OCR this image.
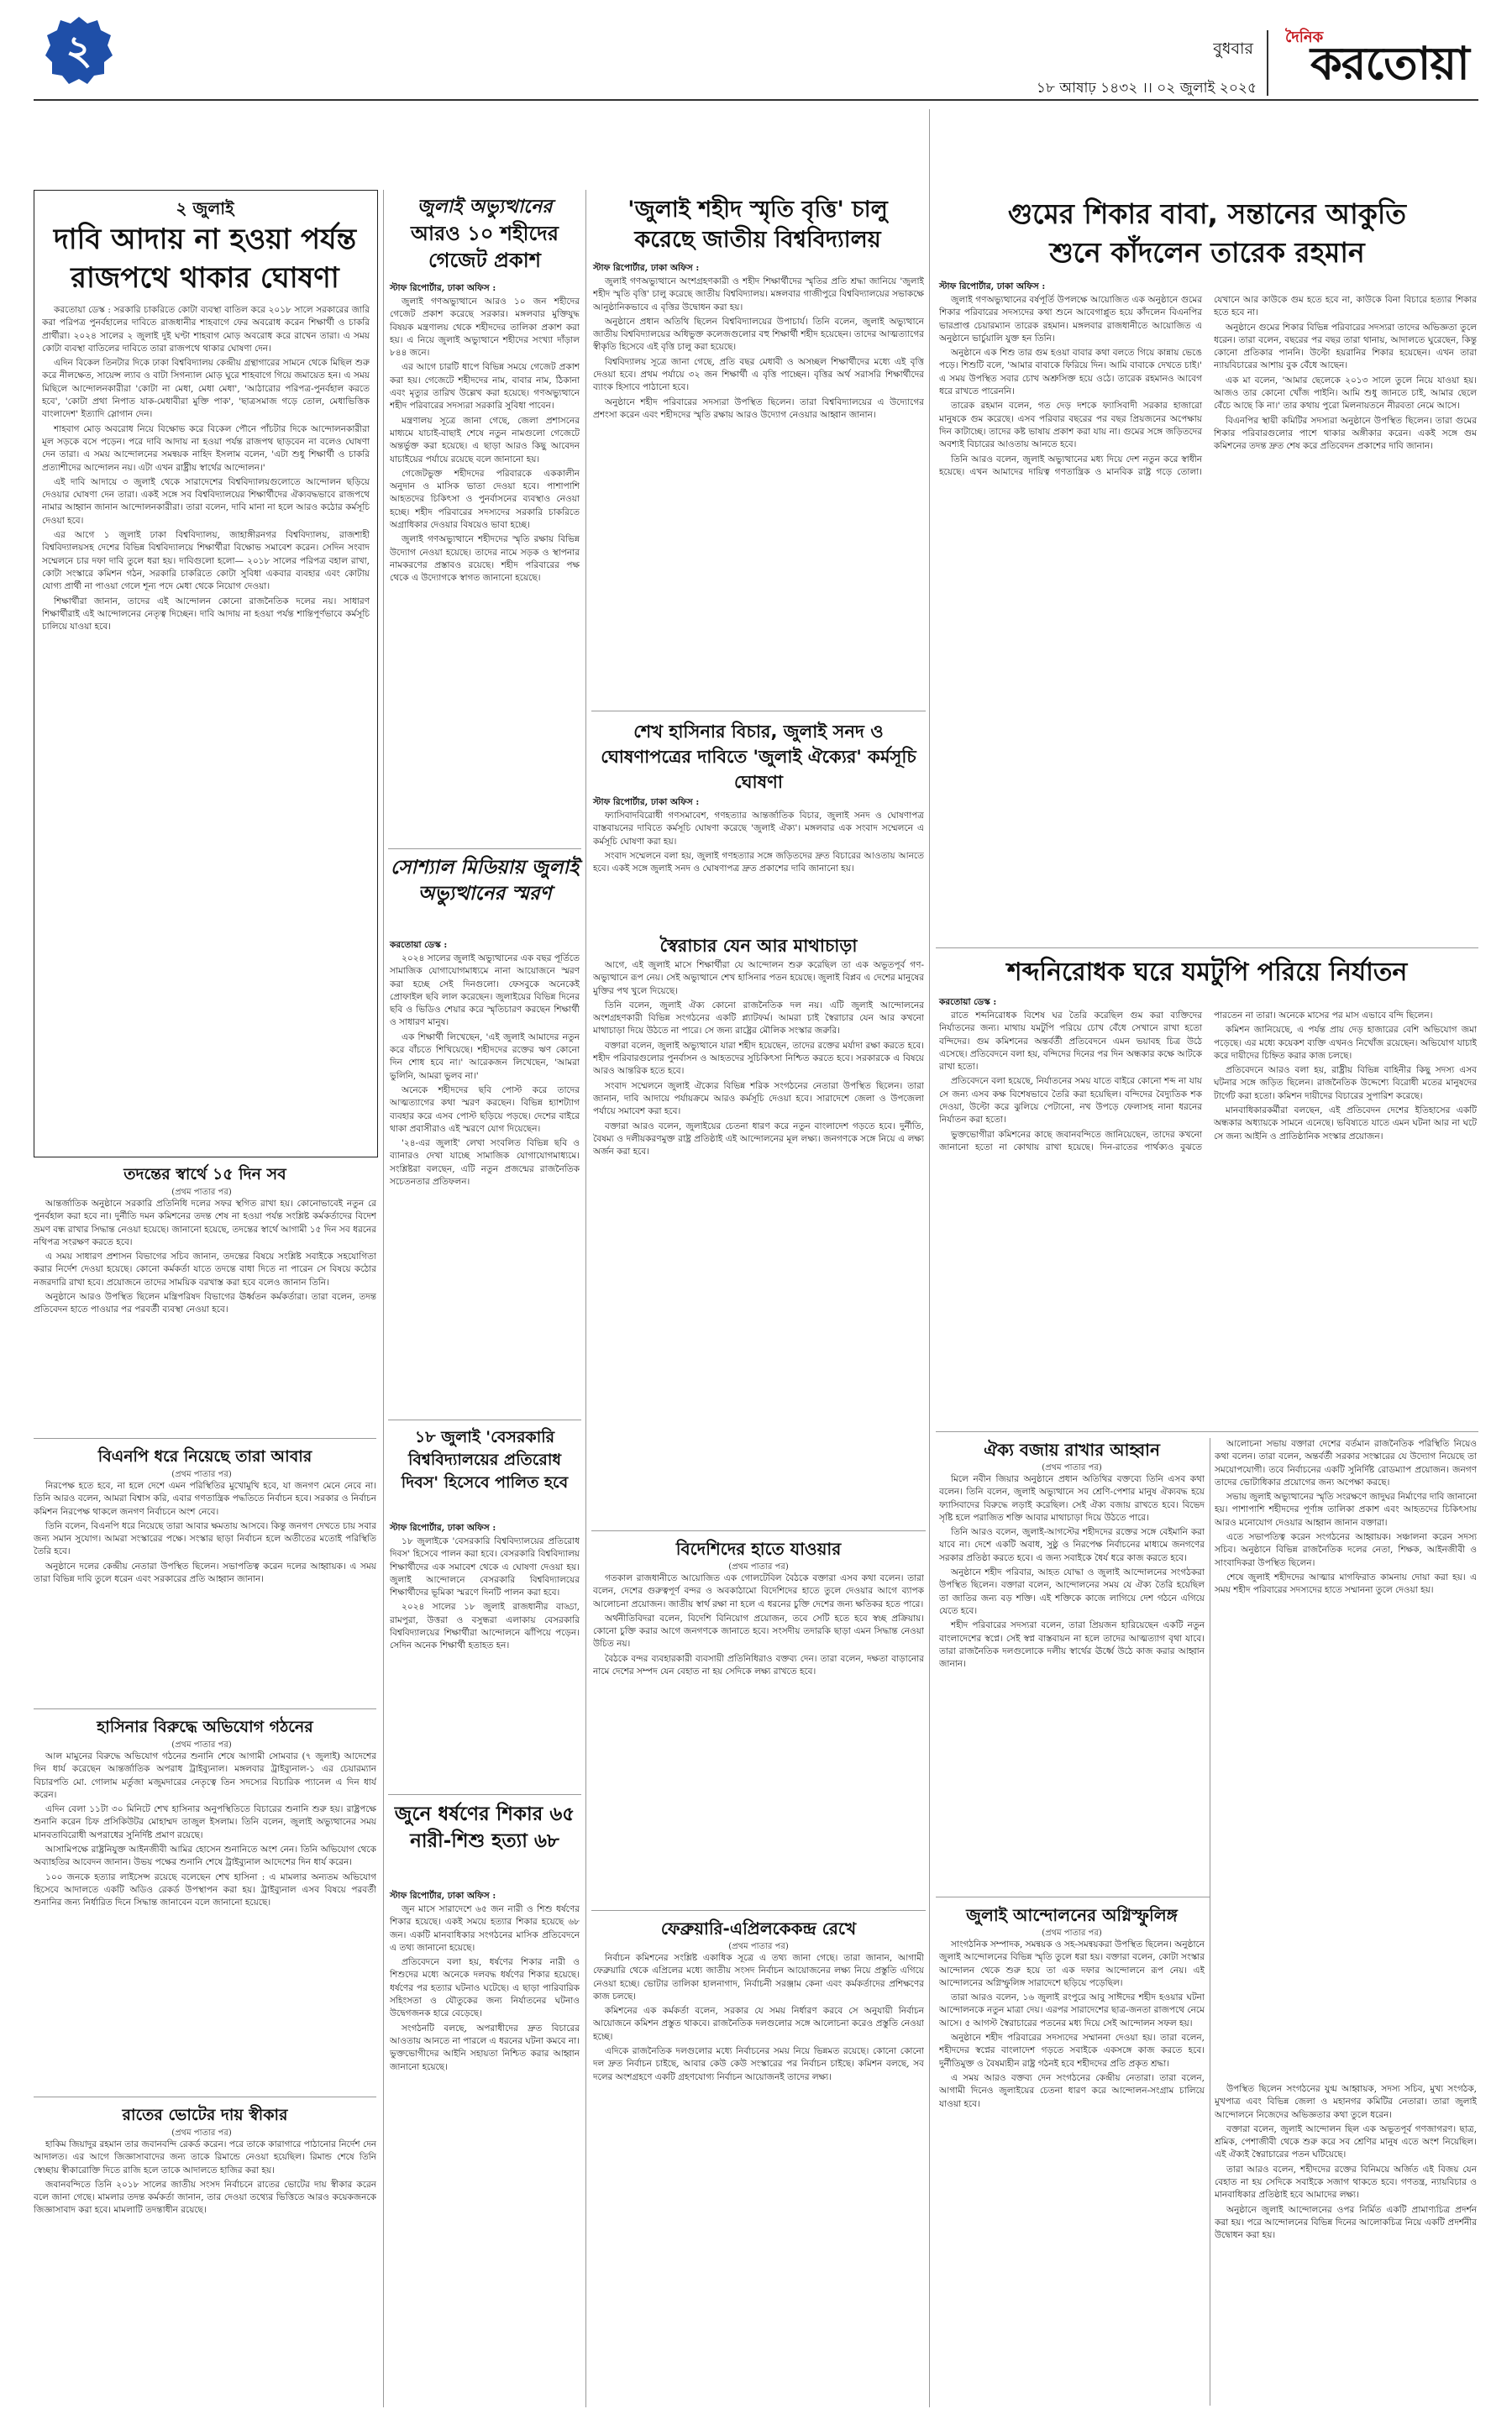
২	বুধবার
১৮ আষাঢ় ১৪৩২ ।। ০২ জুলাই ২০২৫
দৈনিক
করতোয়া
২ জুলাই
দাবি আদায় না হওয়া পর্যন্ত
রাজপথে থাকার ঘোষণা

করতোয়া ডেস্ক : সরকারি চাকরিতে কোটা ব্যবস্থা বাতিল করে ২০১৮ সালে সরকারের জারি করা পরিপত্র পুনর্বহালের দাবিতে রাজধানীর শাহবাগে ফের অবরোধ করেন শিক্ষার্থী ও চাকরি প্রার্থীরা। ২০২৪ সালের ২ জুলাই দুই ঘণ্টা শাহবাগ মোড় অবরোধ করে রাখেন তারা। এ সময় কোটা ব্যবস্থা বাতিলের দাবিতে তারা রাজপথে থাকার ঘোষণা দেন।

এদিন বিকেল তিনটার দিকে ঢাকা বিশ্ববিদ্যালয় কেন্দ্রীয় গ্রন্থাগারের সামনে থেকে মিছিল শুরু করে নীলক্ষেত, সায়েন্স ল্যাব ও বাটা সিগন্যাল মোড় ঘুরে শাহবাগে গিয়ে জমায়েত হন। এ সময় মিছিলে আন্দোলনকারীরা 'কোটা না মেধা, মেধা মেধা', 'আঠারোর পরিপত্র-পুনর্বহাল করতে হবে', 'কোটা প্রথা নিপাত যাক-মেধাবীরা মুক্তি পাক', 'ছাত্রসমাজ গড়ে তোল, মেধাভিত্তিক বাংলাদেশ' ইত্যাদি স্লোগান দেন।

শাহবাগ মোড় অবরোধ নিয়ে বিক্ষোভ করে বিকেল পৌনে পাঁচটার দিকে আন্দোলনকারীরা মূল সড়কে বসে পড়েন। পরে দাবি আদায় না হওয়া পর্যন্ত রাজপথ ছাড়বেন না বলেও ঘোষণা দেন তারা। এ সময় আন্দোলনের সমন্বয়ক নাহিদ ইসলাম বলেন, 'এটা শুধু শিক্ষার্থী ও চাকরি প্রত্যাশীদের আন্দোলন নয়। এটা এখন রাষ্ট্রীয় স্বার্থের আন্দোলন।'

এই দাবি আদায়ে ৩ জুলাই থেকে সারাদেশের বিশ্ববিদ্যালয়গুলোতে আন্দোলন ছড়িয়ে দেওয়ার ঘোষণা দেন তারা। একই সঙ্গে সব বিশ্ববিদ্যালয়ের শিক্ষার্থীদের ঐক্যবদ্ধভাবে রাজপথে নামার আহ্বান জানান আন্দোলনকারীরা। তারা বলেন, দাবি মানা না হলে আরও কঠোর কর্মসূচি দেওয়া হবে।

এর আগে ১ জুলাই ঢাকা বিশ্ববিদ্যালয়, জাহাঙ্গীরনগর বিশ্ববিদ্যালয়, রাজশাহী বিশ্ববিদ্যালয়সহ দেশের বিভিন্ন বিশ্ববিদ্যালয়ে শিক্ষার্থীরা বিক্ষোভ সমাবেশ করেন। সেদিন সংবাদ সম্মেলনে চার দফা দাবি তুলে ধরা হয়। দাবিগুলো হলো— ২০১৮ সালের পরিপত্র বহাল রাখা, কোটা সংস্কারে কমিশন গঠন, সরকারি চাকরিতে কোটা সুবিধা একবার ব্যবহার এবং কোটায় যোগ্য প্রার্থী না পাওয়া গেলে শূন্য পদে মেধা থেকে নিয়োগ দেওয়া।

শিক্ষার্থীরা জানান, তাদের এই আন্দোলন কোনো রাজনৈতিক দলের নয়। সাধারণ শিক্ষার্থীরাই এই আন্দোলনের নেতৃত্ব দিচ্ছেন। দাবি আদায় না হওয়া পর্যন্ত শান্তিপূর্ণভাবে কর্মসূচি চালিয়ে যাওয়া হবে।

তদন্তের স্বার্থে ১৫ দিন সব
(প্রথম পাতার পর)

আন্তর্জাতিক অনুষ্ঠানে সরকারি প্রতিনিধি দলের সফর স্থগিত রাখা হয়। কোনোভাবেই নতুন রে পুনর্বহাল করা হবে না। দুর্নীতি দমন কমিশনের তদন্ত শেষ না হওয়া পর্যন্ত সংশ্লিষ্ট কর্মকর্তাদের বিদেশ ভ্রমণ বন্ধ রাখার সিদ্ধান্ত নেওয়া হয়েছে। জানানো হয়েছে, তদন্তের স্বার্থে আগামী ১৫ দিন সব ধরনের নথিপত্র সংরক্ষণ করতে হবে।

এ সময় সাধারণ প্রশাসন বিভাগের সচিব জানান, তদন্তের বিষয়ে সংশ্লিষ্ট সবাইকে সহযোগিতা করার নির্দেশ দেওয়া হয়েছে। কোনো কর্মকর্তা যাতে তদন্তে বাধা দিতে না পারেন সে বিষয়ে কঠোর নজরদারি রাখা হবে। প্রয়োজনে তাদের সাময়িক বরখাস্ত করা হবে বলেও জানান তিনি।

অনুষ্ঠানে আরও উপস্থিত ছিলেন মন্ত্রিপরিষদ বিভাগের ঊর্ধ্বতন কর্মকর্তারা। তারা বলেন, তদন্ত প্রতিবেদন হাতে পাওয়ার পর পরবর্তী ব্যবস্থা নেওয়া হবে।

বিএনপি ধরে নিয়েছে তারা আবার
(প্রথম পাতার পর)

নিরপেক্ষ হতে হবে, না হলে দেশে এমন পরিস্থিতির মুখোমুখি হবে, যা জনগণ মেনে নেবে না। তিনি আরও বলেন, আমরা বিশ্বাস করি, এবার গণতান্ত্রিক পদ্ধতিতে নির্বাচন হবে। সরকার ও নির্বাচন কমিশন নিরপেক্ষ থাকলে জনগণ নির্বাচনে অংশ নেবে।

তিনি বলেন, বিএনপি ধরে নিয়েছে তারা আবার ক্ষমতায় আসবে। কিন্তু জনগণ দেখতে চায় সবার জন্য সমান সুযোগ। আমরা সংস্কারের পক্ষে। সংস্কার ছাড়া নির্বাচন হলে অতীতের মতোই পরিস্থিতি তৈরি হবে।

অনুষ্ঠানে দলের কেন্দ্রীয় নেতারা উপস্থিত ছিলেন। সভাপতিত্ব করেন দলের আহ্বায়ক। এ সময় তারা বিভিন্ন দাবি তুলে ধরেন এবং সরকারের প্রতি আহ্বান জানান।

হাসিনার বিরুদ্ধে অভিযোগ গঠনের
(প্রথম পাতার পর)

আল মামুনের বিরুদ্ধে অভিযোগ গঠনের শুনানি শেষে আগামী সোমবার (৭ জুলাই) আদেশের দিন ধার্য করেছেন আন্তর্জাতিক অপরাধ ট্রাইব্যুনাল। মঙ্গলবার ট্রাইব্যুনাল-১ এর চেয়ারম্যান বিচারপতি মো. গোলাম মর্তুজা মজুমদারের নেতৃত্বে তিন সদস্যের বিচারিক প্যানেল এ দিন ধার্য করেন।

এদিন বেলা ১১টা ৩০ মিনিটে শেখ হাসিনার অনুপস্থিতিতে বিচারের শুনানি শুরু হয়। রাষ্ট্রপক্ষে শুনানি করেন চিফ প্রসিকিউটর মোহাম্মদ তাজুল ইসলাম। তিনি বলেন, জুলাই অভ্যুত্থানের সময় মানবতাবিরোধী অপরাধের সুনির্দিষ্ট প্রমাণ রয়েছে।

আসামিপক্ষে রাষ্ট্রনিযুক্ত আইনজীবী আমির হোসেন শুনানিতে অংশ নেন। তিনি অভিযোগ থেকে অব্যাহতির আবেদন জানান। উভয় পক্ষের শুনানি শেষে ট্রাইব্যুনাল আদেশের দিন ধার্য করেন।

১০০ জনকে হত্যার লাইসেন্স রয়েছে বলেছেন শেখ হাসিনা : এ মামলার অন্যতম অভিযোগ হিসেবে আদালতে একটি অডিও রেকর্ড উপস্থাপন করা হয়। ট্রাইব্যুনাল এসব বিষয়ে পরবর্তী শুনানির জন্য নির্ধারিত দিনে সিদ্ধান্ত জানাবেন বলে জানানো হয়েছে।

রাতের ভোটের দায় স্বীকার
(প্রথম পাতার পর)

হাকিম জিয়াদুর রহমান তার জবানবন্দি রেকর্ড করেন। পরে তাকে কারাগারে পাঠানোর নির্দেশ দেন আদালত। এর আগে জিজ্ঞাসাবাদের জন্য তাকে রিমান্ডে নেওয়া হয়েছিল। রিমান্ড শেষে তিনি স্বেচ্ছায় স্বীকারোক্তি দিতে রাজি হলে তাকে আদালতে হাজির করা হয়।

জবানবন্দিতে তিনি ২০১৮ সালের জাতীয় সংসদ নির্বাচনে রাতের ভোটের দায় স্বীকার করেন বলে জানা গেছে। মামলার তদন্ত কর্মকর্তা জানান, তার দেওয়া তথ্যের ভিত্তিতে আরও কয়েকজনকে জিজ্ঞাসাবাদ করা হবে। মামলাটি তদন্তাধীন রয়েছে।

জুলাই অভ্যুত্থানের
আরও ১০ শহীদের গেজেট প্রকাশ
স্টাফ রিপোর্টার, ঢাকা অফিস :

জুলাই গণঅভ্যুত্থানে আরও ১০ জন শহীদের গেজেট প্রকাশ করেছে সরকার। মঙ্গলবার মুক্তিযুদ্ধ বিষয়ক মন্ত্রণালয় থেকে শহীদদের তালিকা প্রকাশ করা হয়। এ নিয়ে জুলাই অভ্যুত্থানে শহীদের সংখ্যা দাঁড়াল ৮৪৪ জনে।

এর আগে চারটি ধাপে বিভিন্ন সময়ে গেজেট প্রকাশ করা হয়। গেজেটে শহীদদের নাম, বাবার নাম, ঠিকানা এবং মৃত্যুর তারিখ উল্লেখ করা হয়েছে। গণঅভ্যুত্থানে শহীদ পরিবারের সদস্যরা সরকারি সুবিধা পাবেন।

মন্ত্রণালয় সূত্রে জানা গেছে, জেলা প্রশাসনের মাধ্যমে যাচাই-বাছাই শেষে নতুন নামগুলো গেজেটে অন্তর্ভুক্ত করা হয়েছে। এ ছাড়া আরও কিছু আবেদন যাচাইয়ের পর্যায়ে রয়েছে বলে জানানো হয়।

গেজেটভুক্ত শহীদদের পরিবারকে এককালীন অনুদান ও মাসিক ভাতা দেওয়া হবে। পাশাপাশি আহতদের চিকিৎসা ও পুনর্বাসনের ব্যবস্থাও নেওয়া হচ্ছে। শহীদ পরিবারের সদস্যদের সরকারি চাকরিতে অগ্রাধিকার দেওয়ার বিষয়েও ভাবা হচ্ছে।

জুলাই গণঅভ্যুত্থানে শহীদদের স্মৃতি রক্ষায় বিভিন্ন উদ্যোগ নেওয়া হয়েছে। তাদের নামে সড়ক ও স্থাপনার নামকরণের প্রস্তাবও রয়েছে। শহীদ পরিবারের পক্ষ থেকে এ উদ্যোগকে স্বাগত জানানো হয়েছে।

সোশ্যাল মিডিয়ায় জুলাই অভ্যুত্থানের স্মরণ
করতোয়া ডেস্ক :

২০২৪ সালের জুলাই অভ্যুত্থানের এক বছর পূর্তিতে সামাজিক যোগাযোগমাধ্যমে নানা আয়োজনে স্মরণ করা হচ্ছে সেই দিনগুলো। ফেসবুকে অনেকেই প্রোফাইল ছবি লাল করেছেন। জুলাইয়ের বিভিন্ন দিনের ছবি ও ভিডিও শেয়ার করে স্মৃতিচারণ করছেন শিক্ষার্থী ও সাধারণ মানুষ।

এক শিক্ষার্থী লিখেছেন, 'এই জুলাই আমাদের নতুন করে বাঁচতে শিখিয়েছে। শহীদদের রক্তের ঋণ কোনো দিন শোধ হবে না।' আরেকজন লিখেছেন, 'আমরা ভুলিনি, আমরা ভুলব না।'

অনেকে শহীদদের ছবি পোস্ট করে তাদের আত্মত্যাগের কথা স্মরণ করছেন। বিভিন্ন হ্যাশট্যাগ ব্যবহার করে এসব পোস্ট ছড়িয়ে পড়ছে। দেশের বাইরে থাকা প্রবাসীরাও এই স্মরণে যোগ দিয়েছেন।

'২৪-এর জুলাই' লেখা সংবলিত বিভিন্ন ছবি ও ব্যানারও দেখা যাচ্ছে সামাজিক যোগাযোগমাধ্যমে। সংশ্লিষ্টরা বলছেন, এটি নতুন প্রজন্মের রাজনৈতিক সচেতনতার প্রতিফলন।

১৮ জুলাই 'বেসরকারি বিশ্ববিদ্যালয়ের প্রতিরোধ দিবস' হিসেবে পালিত হবে
স্টাফ রিপোর্টার, ঢাকা অফিস :

১৮ জুলাইকে 'বেসরকারি বিশ্ববিদ্যালয়ের প্রতিরোধ দিবস' হিসেবে পালন করা হবে। বেসরকারি বিশ্ববিদ্যালয় শিক্ষার্থীদের এক সমাবেশ থেকে এ ঘোষণা দেওয়া হয়। জুলাই আন্দোলনে বেসরকারি বিশ্ববিদ্যালয়ের শিক্ষার্থীদের ভূমিকা স্মরণে দিনটি পালন করা হবে।

২০২৪ সালের ১৮ জুলাই রাজধানীর বাড্ডা, রামপুরা, উত্তরা ও বসুন্ধরা এলাকায় বেসরকারি বিশ্ববিদ্যালয়ের শিক্ষার্থীরা আন্দোলনে ঝাঁপিয়ে পড়েন। সেদিন অনেক শিক্ষার্থী হতাহত হন।

জুনে ধর্ষণের শিকার ৬৫ নারী-শিশু হত্যা ৬৮
স্টাফ রিপোর্টার, ঢাকা অফিস :

জুন মাসে সারাদেশে ৬৫ জন নারী ও শিশু ধর্ষণের শিকার হয়েছে। একই সময়ে হত্যার শিকার হয়েছে ৬৮ জন। একটি মানবাধিকার সংগঠনের মাসিক প্রতিবেদনে এ তথ্য জানানো হয়েছে।

প্রতিবেদনে বলা হয়, ধর্ষণের শিকার নারী ও শিশুদের মধ্যে অনেকে দলবদ্ধ ধর্ষণের শিকার হয়েছে। ধর্ষণের পর হত্যার ঘটনাও ঘটেছে। এ ছাড়া পারিবারিক সহিংসতা ও যৌতুকের জন্য নির্যাতনের ঘটনাও উদ্বেগজনক হারে বেড়েছে।

সংগঠনটি বলছে, অপরাধীদের দ্রুত বিচারের আওতায় আনতে না পারলে এ ধরনের ঘটনা কমবে না। ভুক্তভোগীদের আইনি সহায়তা নিশ্চিত করার আহ্বান জানানো হয়েছে।

'জুলাই শহীদ স্মৃতি বৃত্তি' চালু
করেছে জাতীয় বিশ্ববিদ্যালয়
স্টাফ রিপোর্টার, ঢাকা অফিস :

জুলাই গণঅভ্যুত্থানে অংশগ্রহণকারী ও শহীদ শিক্ষার্থীদের স্মৃতির প্রতি শ্রদ্ধা জানিয়ে 'জুলাই শহীদ স্মৃতি বৃত্তি' চালু করেছে জাতীয় বিশ্ববিদ্যালয়। মঙ্গলবার গাজীপুরে বিশ্ববিদ্যালয়ের সভাকক্ষে আনুষ্ঠানিকভাবে এ বৃত্তির উদ্বোধন করা হয়।

অনুষ্ঠানে প্রধান অতিথি ছিলেন বিশ্ববিদ্যালয়ের উপাচার্য। তিনি বলেন, জুলাই অভ্যুত্থানে জাতীয় বিশ্ববিদ্যালয়ের অধিভুক্ত কলেজগুলোর বহু শিক্ষার্থী শহীদ হয়েছেন। তাদের আত্মত্যাগের স্বীকৃতি হিসেবে এই বৃত্তি চালু করা হয়েছে।

বিশ্ববিদ্যালয় সূত্রে জানা গেছে, প্রতি বছর মেধাবী ও অসচ্ছল শিক্ষার্থীদের মধ্যে এই বৃত্তি দেওয়া হবে। প্রথম পর্যায়ে ৩২ জন শিক্ষার্থী এ বৃত্তি পাচ্ছেন। বৃত্তির অর্থ সরাসরি শিক্ষার্থীদের ব্যাংক হিসাবে পাঠানো হবে।

অনুষ্ঠানে শহীদ পরিবারের সদস্যরা উপস্থিত ছিলেন। তারা বিশ্ববিদ্যালয়ের এ উদ্যোগের প্রশংসা করেন এবং শহীদদের স্মৃতি রক্ষায় আরও উদ্যোগ নেওয়ার আহ্বান জানান।

শেখ হাসিনার বিচার, জুলাই সনদ ও ঘোষণাপত্রের দাবিতে 'জুলাই ঐক্যের' কর্মসূচি ঘোষণা
স্টাফ রিপোর্টার, ঢাকা অফিস :

ফ্যাসিবাদবিরোধী গণসমাবেশ, গণহত্যার আন্তর্জাতিক বিচার, জুলাই সনদ ও ঘোষণাপত্র বাস্তবায়নের দাবিতে কর্মসূচি ঘোষণা করেছে 'জুলাই ঐক্য'। মঙ্গলবার এক সংবাদ সম্মেলনে এ কর্মসূচি ঘোষণা করা হয়।

সংবাদ সম্মেলনে বলা হয়, জুলাই গণহত্যার সঙ্গে জড়িতদের দ্রুত বিচারের আওতায় আনতে হবে। একই সঙ্গে জুলাই সনদ ও ঘোষণাপত্র দ্রুত প্রকাশের দাবি জানানো হয়।

স্বৈরাচার যেন আর মাথাচাড়া

আগে, এই জুলাই মাসে শিক্ষার্থীরা যে আন্দোলন শুরু করেছিল তা এক অভূতপূর্ব গণ-অভ্যুত্থানে রূপ নেয়। সেই অভ্যুত্থানে শেখ হাসিনার পতন হয়েছে। জুলাই বিপ্লব এ দেশের মানুষের মুক্তির পথ খুলে দিয়েছে।

তিনি বলেন, জুলাই ঐক্য কোনো রাজনৈতিক দল নয়। এটি জুলাই আন্দোলনের অংশগ্রহণকারী বিভিন্ন সংগঠনের একটি প্ল্যাটফর্ম। আমরা চাই স্বৈরাচার যেন আর কখনো মাথাচাড়া দিয়ে উঠতে না পারে। সে জন্য রাষ্ট্রের মৌলিক সংস্কার জরুরি।

বক্তারা বলেন, জুলাই অভ্যুত্থানে যারা শহীদ হয়েছেন, তাদের রক্তের মর্যাদা রক্ষা করতে হবে। শহীদ পরিবারগুলোর পুনর্বাসন ও আহতদের সুচিকিৎসা নিশ্চিত করতে হবে। সরকারকে এ বিষয়ে আরও আন্তরিক হতে হবে।

সংবাদ সম্মেলনে জুলাই ঐক্যের বিভিন্ন শরিক সংগঠনের নেতারা উপস্থিত ছিলেন। তারা জানান, দাবি আদায়ে পর্যায়ক্রমে আরও কর্মসূচি দেওয়া হবে। সারাদেশে জেলা ও উপজেলা পর্যায়ে সমাবেশ করা হবে।

বক্তারা আরও বলেন, জুলাইয়ের চেতনা ধারণ করে নতুন বাংলাদেশ গড়তে হবে। দুর্নীতি, বৈষম্য ও দলীয়করণমুক্ত রাষ্ট্র প্রতিষ্ঠাই এই আন্দোলনের মূল লক্ষ্য। জনগণকে সঙ্গে নিয়ে এ লক্ষ্য অর্জন করা হবে।

বিদেশিদের হাতে যাওয়ার
(প্রথম পাতার পর)

গতকাল রাজধানীতে আয়োজিত এক গোলটেবিল বৈঠকে বক্তারা এসব কথা বলেন। তারা বলেন, দেশের গুরুত্বপূর্ণ বন্দর ও অবকাঠামো বিদেশিদের হাতে তুলে দেওয়ার আগে ব্যাপক আলোচনা প্রয়োজন। জাতীয় স্বার্থ রক্ষা না হলে এ ধরনের চুক্তি দেশের জন্য ক্ষতিকর হতে পারে।

অর্থনীতিবিদরা বলেন, বিদেশি বিনিয়োগ প্রয়োজন, তবে সেটি হতে হবে স্বচ্ছ প্রক্রিয়ায়। কোনো চুক্তি করার আগে জনগণকে জানাতে হবে। সংসদীয় তদারকি ছাড়া এমন সিদ্ধান্ত নেওয়া উচিত নয়।

বৈঠকে বন্দর ব্যবহারকারী ব্যবসায়ী প্রতিনিধিরাও বক্তব্য দেন। তারা বলেন, দক্ষতা বাড়ানোর নামে দেশের সম্পদ যেন বেহাত না হয় সেদিকে লক্ষ্য রাখতে হবে।

ফেব্রুয়ারি-এপ্রিলকেকন্দ্র রেখে
(প্রথম পাতার পর)

নির্বাচন কমিশনের সংশ্লিষ্ট একাধিক সূত্রে এ তথ্য জানা গেছে। তারা জানান, আগামী ফেব্রুয়ারি থেকে এপ্রিলের মধ্যে জাতীয় সংসদ নির্বাচন আয়োজনের লক্ষ্য নিয়ে প্রস্তুতি এগিয়ে নেওয়া হচ্ছে। ভোটার তালিকা হালনাগাদ, নির্বাচনী সরঞ্জাম কেনা এবং কর্মকর্তাদের প্রশিক্ষণের কাজ চলছে।

কমিশনের এক কর্মকর্তা বলেন, সরকার যে সময় নির্ধারণ করবে সে অনুযায়ী নির্বাচন আয়োজনে কমিশন প্রস্তুত থাকবে। রাজনৈতিক দলগুলোর সঙ্গে আলোচনা করেও প্রস্তুতি নেওয়া হচ্ছে।

এদিকে রাজনৈতিক দলগুলোর মধ্যে নির্বাচনের সময় নিয়ে ভিন্নমত রয়েছে। কোনো কোনো দল দ্রুত নির্বাচন চাইছে, আবার কেউ কেউ সংস্কারের পর নির্বাচন চাইছে। কমিশন বলছে, সব দলের অংশগ্রহণে একটি গ্রহণযোগ্য নির্বাচন আয়োজনই তাদের লক্ষ্য।

গুমের শিকার বাবা, সন্তানের আকুতি
শুনে কাঁদলেন তারেক রহমান
স্টাফ রিপোর্টার, ঢাকা অফিস :

জুলাই গণঅভ্যুত্থানের বর্ষপূর্তি উপলক্ষে আয়োজিত এক অনুষ্ঠানে গুমের শিকার পরিবারের সদস্যদের কথা শুনে আবেগাপ্লুত হয়ে কাঁদলেন বিএনপির ভারপ্রাপ্ত চেয়ারম্যান তারেক রহমান। মঙ্গলবার রাজধানীতে আয়োজিত এ অনুষ্ঠানে ভার্চুয়ালি যুক্ত হন তিনি।

অনুষ্ঠানে এক শিশু তার গুম হওয়া বাবার কথা বলতে গিয়ে কান্নায় ভেঙে পড়ে। শিশুটি বলে, 'আমার বাবাকে ফিরিয়ে দিন। আমি বাবাকে দেখতে চাই।' এ সময় উপস্থিত সবার চোখ অশ্রুসিক্ত হয়ে ওঠে। তারেক রহমানও আবেগ ধরে রাখতে পারেননি।

তারেক রহমান বলেন, গত দেড় দশকে ফ্যাসিবাদী সরকার হাজারো মানুষকে গুম করেছে। এসব পরিবার বছরের পর বছর প্রিয়জনের অপেক্ষায় দিন কাটাচ্ছে। তাদের কষ্ট ভাষায় প্রকাশ করা যায় না। গুমের সঙ্গে জড়িতদের অবশ্যই বিচারের আওতায় আনতে হবে।

তিনি আরও বলেন, জুলাই অভ্যুত্থানের মধ্য দিয়ে দেশ নতুন করে স্বাধীন হয়েছে। এখন আমাদের দায়িত্ব গণতান্ত্রিক ও মানবিক রাষ্ট্র গড়ে তোলা। যেখানে আর কাউকে গুম হতে হবে না, কাউকে বিনা বিচারে হত্যার শিকার হতে হবে না।

অনুষ্ঠানে গুমের শিকার বিভিন্ন পরিবারের সদস্যরা তাদের অভিজ্ঞতা তুলে ধরেন। তারা বলেন, বছরের পর বছর তারা থানায়, আদালতে ঘুরেছেন, কিন্তু কোনো প্রতিকার পাননি। উল্টো হয়রানির শিকার হয়েছেন। এখন তারা ন্যায়বিচারের আশায় বুক বেঁধে আছেন।

এক মা বলেন, 'আমার ছেলেকে ২০১৩ সালে তুলে নিয়ে যাওয়া হয়। আজও তার কোনো খোঁজ পাইনি। আমি শুধু জানতে চাই, আমার ছেলে বেঁচে আছে কি না।' তার কথায় পুরো মিলনায়তনে নীরবতা নেমে আসে।

বিএনপির স্থায়ী কমিটির সদস্যরা অনুষ্ঠানে উপস্থিত ছিলেন। তারা গুমের শিকার পরিবারগুলোর পাশে থাকার অঙ্গীকার করেন। একই সঙ্গে গুম কমিশনের তদন্ত দ্রুত শেষ করে প্রতিবেদন প্রকাশের দাবি জানান।

শব্দনিরোধক ঘরে যমটুপি পরিয়ে নির্যাতন
করতোয়া ডেস্ক :

রাতে শব্দনিরোধক বিশেষ ঘর তৈরি করেছিল গুম করা ব্যক্তিদের নির্যাতনের জন্য। মাথায় যমটুপি পরিয়ে চোখ বেঁধে সেখানে রাখা হতো বন্দিদের। গুম কমিশনের অন্তর্বর্তী প্রতিবেদনে এমন ভয়াবহ চিত্র উঠে এসেছে। প্রতিবেদনে বলা হয়, বন্দিদের দিনের পর দিন অন্ধকার কক্ষে আটকে রাখা হতো।

প্রতিবেদনে বলা হয়েছে, নির্যাতনের সময় যাতে বাইরে কোনো শব্দ না যায় সে জন্য এসব কক্ষ বিশেষভাবে তৈরি করা হয়েছিল। বন্দিদের বৈদ্যুতিক শক দেওয়া, উল্টো করে ঝুলিয়ে পেটানো, নখ উপড়ে ফেলাসহ নানা ধরনের নির্যাতন করা হতো।

ভুক্তভোগীরা কমিশনের কাছে জবানবন্দিতে জানিয়েছেন, তাদের কখনো জানানো হতো না কোথায় রাখা হয়েছে। দিন-রাতের পার্থক্যও বুঝতে পারতেন না তারা। অনেকে মাসের পর মাস এভাবে বন্দি ছিলেন।

কমিশন জানিয়েছে, এ পর্যন্ত প্রায় দেড় হাজারের বেশি অভিযোগ জমা পড়েছে। এর মধ্যে কয়েকশ ব্যক্তি এখনও নিখোঁজ রয়েছেন। অভিযোগ যাচাই করে দায়ীদের চিহ্নিত করার কাজ চলছে।

প্রতিবেদনে আরও বলা হয়, রাষ্ট্রীয় বিভিন্ন বাহিনীর কিছু সদস্য এসব ঘটনার সঙ্গে জড়িত ছিলেন। রাজনৈতিক উদ্দেশ্যে বিরোধী মতের মানুষদের টার্গেট করা হতো। কমিশন দায়ীদের বিচারের সুপারিশ করেছে।

মানবাধিকারকর্মীরা বলছেন, এই প্রতিবেদন দেশের ইতিহাসের একটি অন্ধকার অধ্যায়কে সামনে এনেছে। ভবিষ্যতে যাতে এমন ঘটনা আর না ঘটে সে জন্য আইনি ও প্রাতিষ্ঠানিক সংস্কার প্রয়োজন।

ঐক্য বজায় রাখার আহ্বান
(প্রথম পাতার পর)

মিলে নবীন জিয়ার অনুষ্ঠানে প্রধান অতিথির বক্তব্যে তিনি এসব কথা বলেন। তিনি বলেন, জুলাই অভ্যুত্থানে সব শ্রেণি-পেশার মানুষ ঐক্যবদ্ধ হয়ে ফ্যাসিবাদের বিরুদ্ধে লড়াই করেছিল। সেই ঐক্য বজায় রাখতে হবে। বিভেদ সৃষ্টি হলে পরাজিত শক্তি আবার মাথাচাড়া দিয়ে উঠতে পারে।

তিনি আরও বলেন, জুলাই-আগস্টের শহীদদের রক্তের সঙ্গে বেইমানি করা যাবে না। দেশে একটি অবাধ, সুষ্ঠু ও নিরপেক্ষ নির্বাচনের মাধ্যমে জনগণের সরকার প্রতিষ্ঠা করতে হবে। এ জন্য সবাইকে ধৈর্য ধরে কাজ করতে হবে।

অনুষ্ঠানে শহীদ পরিবার, আহত যোদ্ধা ও জুলাই আন্দোলনের সংগঠকরা উপস্থিত ছিলেন। বক্তারা বলেন, আন্দোলনের সময় যে ঐক্য তৈরি হয়েছিল তা জাতির জন্য বড় শক্তি। এই শক্তিকে কাজে লাগিয়ে দেশ গঠনে এগিয়ে যেতে হবে।

শহীদ পরিবারের সদস্যরা বলেন, তারা প্রিয়জন হারিয়েছেন একটি নতুন বাংলাদেশের স্বপ্নে। সেই স্বপ্ন বাস্তবায়ন না হলে তাদের আত্মত্যাগ বৃথা যাবে। তারা রাজনৈতিক দলগুলোকে দলীয় স্বার্থের ঊর্ধ্বে উঠে কাজ করার আহ্বান জানান।

আলোচনা সভায় বক্তারা দেশের বর্তমান রাজনৈতিক পরিস্থিতি নিয়েও কথা বলেন। তারা বলেন, অন্তর্বর্তী সরকার সংস্কারের যে উদ্যোগ নিয়েছে তা সময়োপযোগী। তবে নির্বাচনের একটি সুনির্দিষ্ট রোডম্যাপ প্রয়োজন। জনগণ তাদের ভোটাধিকার প্রয়োগের জন্য অপেক্ষা করছে।

সভায় জুলাই অভ্যুত্থানের স্মৃতি সংরক্ষণে জাদুঘর নির্মাণের দাবি জানানো হয়। পাশাপাশি শহীদদের পূর্ণাঙ্গ তালিকা প্রকাশ এবং আহতদের চিকিৎসায় আরও মনোযোগ দেওয়ার আহ্বান জানান বক্তারা।

এতে সভাপতিত্ব করেন সংগঠনের আহ্বায়ক। সঞ্চালনা করেন সদস্য সচিব। অনুষ্ঠানে বিভিন্ন রাজনৈতিক দলের নেতা, শিক্ষক, আইনজীবী ও সাংবাদিকরা উপস্থিত ছিলেন।

শেষে জুলাই শহীদদের আত্মার মাগফিরাত কামনায় দোয়া করা হয়। এ সময় শহীদ পরিবারের সদস্যদের হাতে সম্মাননা তুলে দেওয়া হয়।

জুলাই আন্দোলনের অগ্নিস্ফুলিঙ্গ
(প্রথম পাতার পর)

সাংগঠনিক সম্পাদক, সমন্বয়ক ও সহ-সমন্বয়করা উপস্থিত ছিলেন। অনুষ্ঠানে জুলাই আন্দোলনের বিভিন্ন স্মৃতি তুলে ধরা হয়। বক্তারা বলেন, কোটা সংস্কার আন্দোলন থেকে শুরু হয়ে তা এক দফার আন্দোলনে রূপ নেয়। এই আন্দোলনের অগ্নিস্ফুলিঙ্গ সারাদেশে ছড়িয়ে পড়েছিল।

তারা আরও বলেন, ১৬ জুলাই রংপুরে আবু সাঈদের শহীদ হওয়ার ঘটনা আন্দোলনকে নতুন মাত্রা দেয়। এরপর সারাদেশের ছাত্র-জনতা রাজপথে নেমে আসে। ৫ আগস্ট স্বৈরাচারের পতনের মধ্য দিয়ে সেই আন্দোলন সফল হয়।

অনুষ্ঠানে শহীদ পরিবারের সদস্যদের সম্মাননা দেওয়া হয়। তারা বলেন, শহীদদের স্বপ্নের বাংলাদেশ গড়তে সবাইকে একসঙ্গে কাজ করতে হবে। দুর্নীতিমুক্ত ও বৈষম্যহীন রাষ্ট্র গঠনই হবে শহীদদের প্রতি প্রকৃত শ্রদ্ধা।

এ সময় আরও বক্তব্য দেন সংগঠনের কেন্দ্রীয় নেতারা। তারা বলেন, আগামী দিনেও জুলাইয়ের চেতনা ধারণ করে আন্দোলন-সংগ্রাম চালিয়ে যাওয়া হবে।

উপস্থিত ছিলেন সংগঠনের যুগ্ম আহ্বায়ক, সদস্য সচিব, মুখ্য সংগঠক, মুখপাত্র এবং বিভিন্ন জেলা ও মহানগর কমিটির নেতারা। তারা জুলাই আন্দোলনে নিজেদের অভিজ্ঞতার কথা তুলে ধরেন।

বক্তারা বলেন, জুলাই আন্দোলন ছিল এক অভূতপূর্ব গণজাগরণ। ছাত্র, শ্রমিক, পেশাজীবী থেকে শুরু করে সব শ্রেণির মানুষ এতে অংশ নিয়েছিল। এই ঐক্যই স্বৈরাচারের পতন ঘটিয়েছে।

তারা আরও বলেন, শহীদদের রক্তের বিনিময়ে অর্জিত এই বিজয় যেন বেহাত না হয় সেদিকে সবাইকে সজাগ থাকতে হবে। গণতন্ত্র, ন্যায়বিচার ও মানবাধিকার প্রতিষ্ঠাই হবে আমাদের লক্ষ্য।

অনুষ্ঠানে জুলাই আন্দোলনের ওপর নির্মিত একটি প্রামাণ্যচিত্র প্রদর্শন করা হয়। পরে আন্দোলনের বিভিন্ন দিনের আলোকচিত্র নিয়ে একটি প্রদর্শনীর উদ্বোধন করা হয়।
